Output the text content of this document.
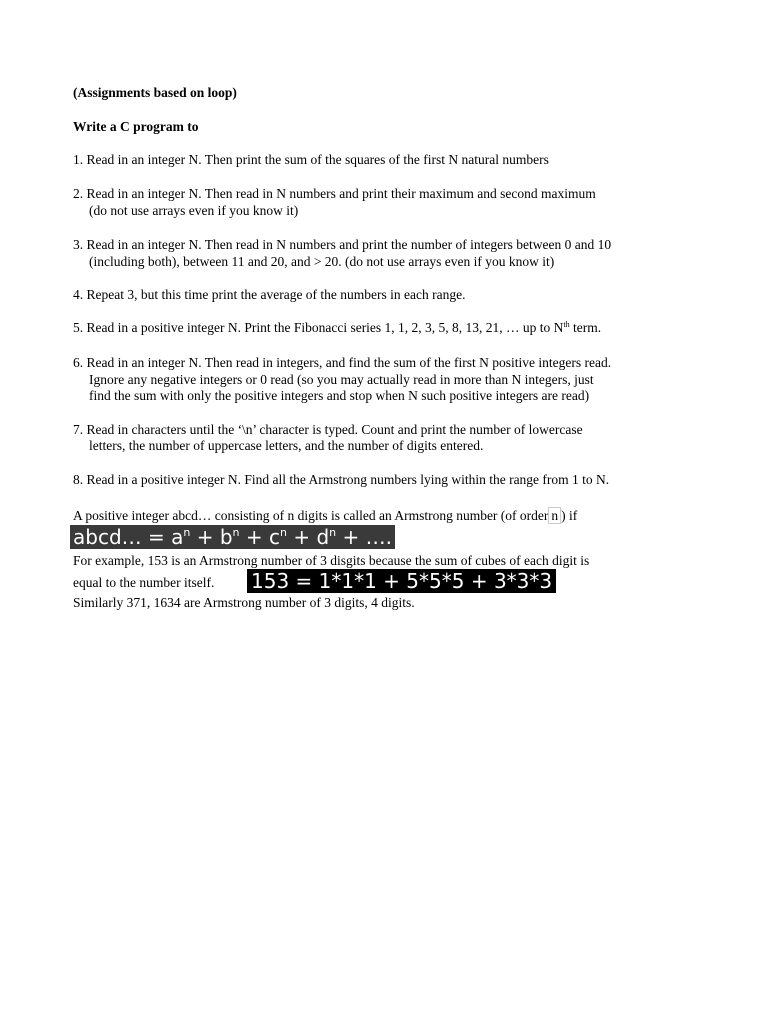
(Assignments based on loop)
Write a C program to
1. Read in an integer N. Then print the sum of the squares of the first N natural numbers
2. Read in an integer N. Then read in N numbers and print their maximum and second maximum
(do not use arrays even if you know it)
3. Read in an integer N. Then read in N numbers and print the number of integers between 0 and 10
(including both), between 11 and 20, and > 20. (do not use arrays even if you know it)
4. Repeat 3, but this time print the average of the numbers in each range.
5. Read in a positive integer N. Print the Fibonacci series 1, 1, 2, 3, 5, 8, 13, 21, … up to $N^{th}$ term.
6. Read in an integer N. Then read in integers, and find the sum of the first N positive integers read.
Ignore any negative integers or 0 read (so you may actually read in more than N integers, just
find the sum with only the positive integers and stop when N such positive integers are read)
7. Read in characters until the ‘\n’ character is typed. Count and print the number of lowercase
letters, the number of uppercase letters, and the number of digits entered.
8. Read in a positive integer N. Find all the Armstrong numbers lying within the range from 1 to N.
A positive integer abcd… consisting of n digits is called an Armstrong number (of order n ) if
abcd… = $a^n + b^n + c^n + d^n$ + ….
For example, 153 is an Armstrong number of 3 disgits because the sum of cubes of each digit is
equal to the number itself. 153 = 1*1*1 + 5*5*5 + 3*3*3
Similarly 371, 1634 are Armstrong number of 3 digits, 4 digits.
